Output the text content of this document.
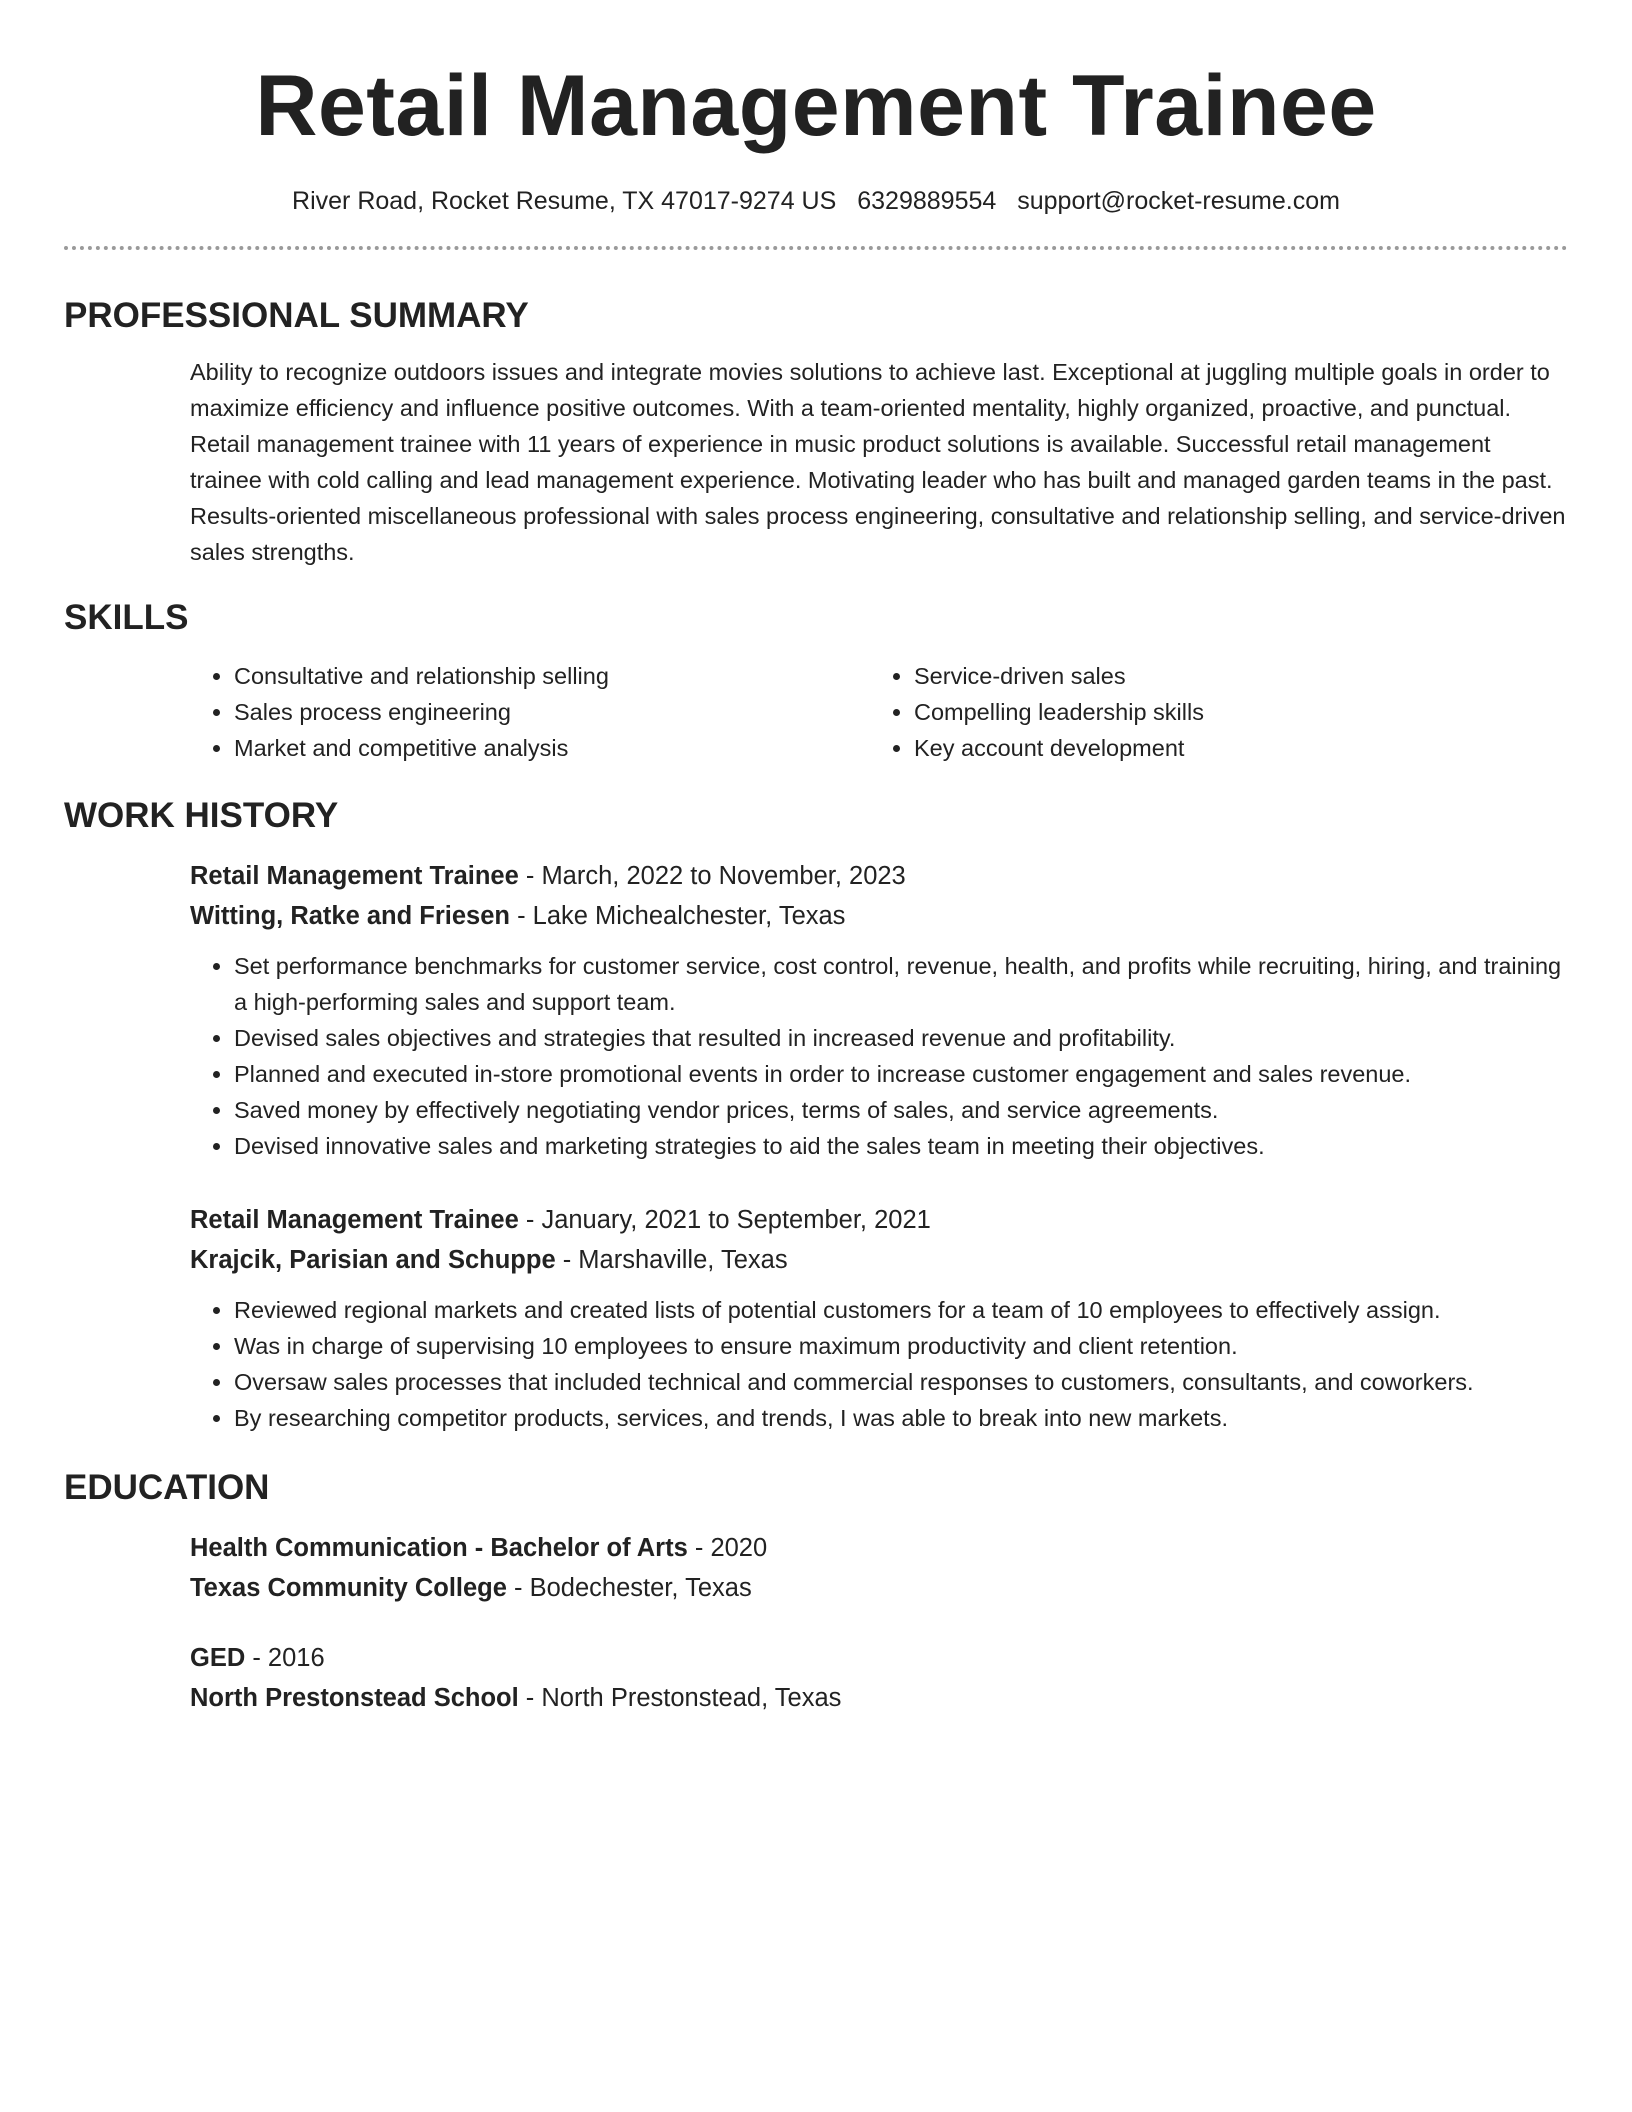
Retail Management Trainee
River Road, Rocket Resume, TX 47017-9274 US 6329889554 support@rocket-resume.com
PROFESSIONAL SUMMARY
Ability to recognize outdoors issues and integrate movies solutions to achieve last. Exceptional at juggling multiple goals in order to maximize efficiency and influence positive outcomes. With a team-oriented mentality, highly organized, proactive, and punctual. Retail management trainee with 11 years of experience in music product solutions is available. Successful retail management trainee with cold calling and lead management experience. Motivating leader who has built and managed garden teams in the past. Results-oriented miscellaneous professional with sales process engineering, consultative and relationship selling, and service-driven sales strengths.
SKILLS
• Consultative and relationship selling
• Sales process engineering
• Market and competitive analysis
• Service-driven sales
• Compelling leadership skills
• Key account development
WORK HISTORY

Retail Management Trainee - March, 2022 to November, 2023

Witting, Ratke and Friesen - Lake Michealchester, Texas

• Set performance benchmarks for customer service, cost control, revenue, health, and profits while recruiting, hiring, and training a high-performing sales and support team.
• Devised sales objectives and strategies that resulted in increased revenue and profitability.
• Planned and executed in-store promotional events in order to increase customer engagement and sales revenue.
• Saved money by effectively negotiating vendor prices, terms of sales, and service agreements.
• Devised innovative sales and marketing strategies to aid the sales team in meeting their objectives.

Retail Management Trainee - January, 2021 to September, 2021

Krajcik, Parisian and Schuppe - Marshaville, Texas

• Reviewed regional markets and created lists of potential customers for a team of 10 employees to effectively assign.
• Was in charge of supervising 10 employees to ensure maximum productivity and client retention.
• Oversaw sales processes that included technical and commercial responses to customers, consultants, and coworkers.
• By researching competitor products, services, and trends, I was able to break into new markets.
EDUCATION

Health Communication - Bachelor of Arts - 2020

Texas Community College - Bodechester, Texas

GED - 2016

North Prestonstead School - North Prestonstead, Texas
